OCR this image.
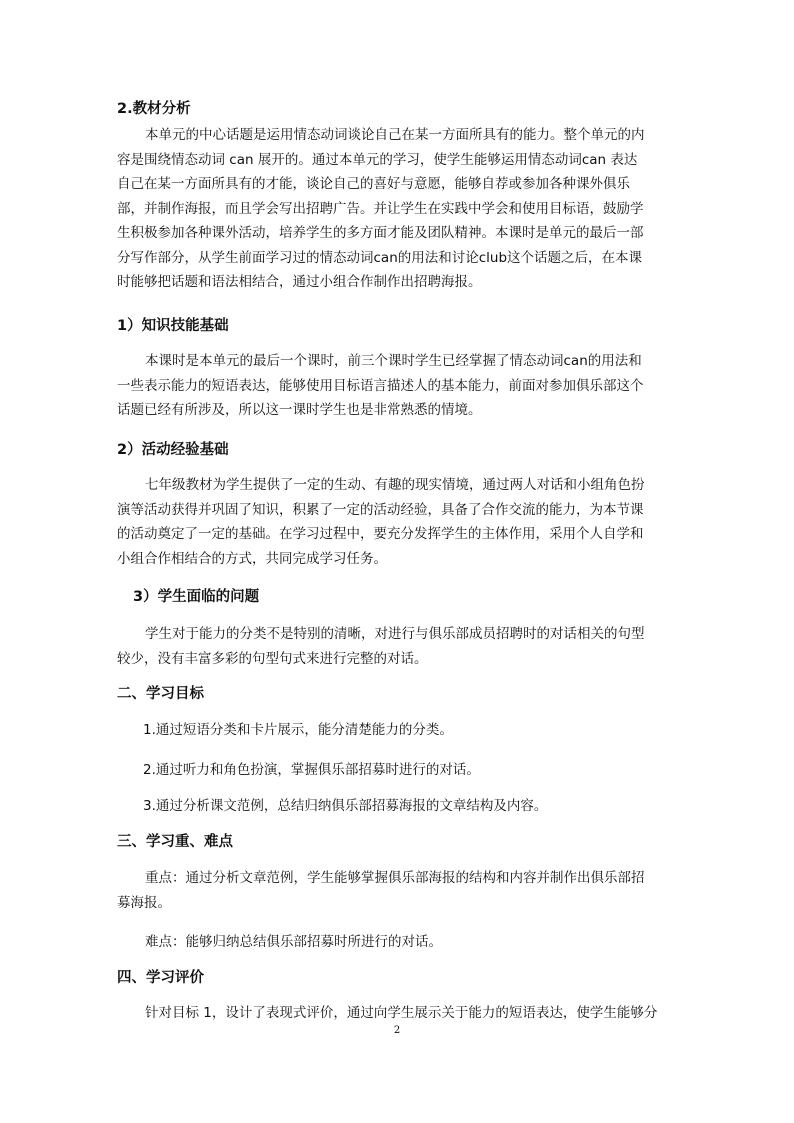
2.教材分析
本单元的中心话题是运用情态动词谈论自己在某一方面所具有的能力。整个单元的内
容是围绕情态动词 can 展开的。通过本单元的学习，使学生能够运用情态动词can 表达
自己在某一方面所具有的才能，谈论自己的喜好与意愿，能够自荐或参加各种课外俱乐
部，并制作海报，而且学会写出招聘广告。并让学生在实践中学会和使用目标语，鼓励学
生积极参加各种课外活动，培养学生的多方面才能及团队精神。本课时是单元的最后一部
分写作部分，从学生前面学习过的情态动词can的用法和讨论club这个话题之后，在本课
时能够把话题和语法相结合，通过小组合作制作出招聘海报。
1）知识技能基础
本课时是本单元的最后一个课时，前三个课时学生已经掌握了情态动词can的用法和
一些表示能力的短语表达，能够使用目标语言描述人的基本能力，前面对参加俱乐部这个
话题已经有所涉及，所以这一课时学生也是非常熟悉的情境。
2）活动经验基础
七年级教材为学生提供了一定的生动、有趣的现实情境，通过两人对话和小组角色扮
演等活动获得并巩固了知识，积累了一定的活动经验，具备了合作交流的能力，为本节课
的活动奠定了一定的基础。在学习过程中，要充分发挥学生的主体作用，采用个人自学和
小组合作相结合的方式，共同完成学习任务。
3）学生面临的问题
学生对于能力的分类不是特别的清晰，对进行与俱乐部成员招聘时的对话相关的句型
较少，没有丰富多彩的句型句式来进行完整的对话。
二、学习目标
1.通过短语分类和卡片展示，能分清楚能力的分类。
2.通过听力和角色扮演，掌握俱乐部招募时进行的对话。
3.通过分析课文范例，总结归纳俱乐部招募海报的文章结构及内容。
三、学习重、难点
重点：通过分析文章范例，学生能够掌握俱乐部海报的结构和内容并制作出俱乐部招
募海报。
难点：能够归纳总结俱乐部招募时所进行的对话。
四、学习评价
针对目标 1，设计了表现式评价，通过向学生展示关于能力的短语表达，使学生能够分
2
